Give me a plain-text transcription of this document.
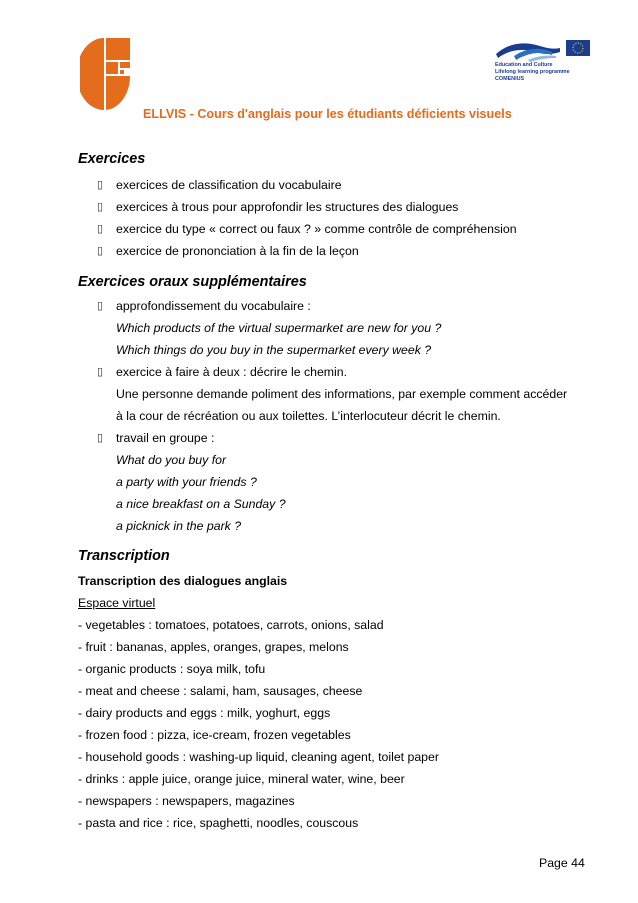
Education and Culture
Lifelong learning programme
COMENIUS
ELLVIS - Cours d'anglais pour les étudiants déficients visuels
Exercices
▯ exercices de classification du vocabulaire
▯ exercices à trous pour approfondir les structures des dialogues
▯ exercice du type « correct ou faux ? » comme contrôle de compréhension
▯ exercice de prononciation à la fin de la leçon
Exercices oraux supplémentaires
▯ approfondissement du vocabulaire :
Which products of the virtual supermarket are new for you ?
Which things do you buy in the supermarket every week ?
▯ exercice à faire à deux : décrire le chemin.
Une personne demande poliment des informations, par exemple comment accéder
à la cour de récréation ou aux toilettes. L’interlocuteur décrit le chemin.
▯ travail en groupe :
What do you buy for
a party with your friends ?
a nice breakfast on a Sunday ?
a picknick in the park ?
Transcription
Transcription des dialogues anglais
Espace virtuel
- vegetables : tomatoes, potatoes, carrots, onions, salad
- fruit : bananas, apples, oranges, grapes, melons
- organic products : soya milk, tofu
- meat and cheese : salami, ham, sausages, cheese
- dairy products and eggs : milk, yoghurt, eggs
- frozen food : pizza, ice-cream, frozen vegetables
- household goods : washing-up liquid, cleaning agent, toilet paper
- drinks : apple juice, orange juice, mineral water, wine, beer
- newspapers : newspapers, magazines
- pasta and rice : rice, spaghetti, noodles, couscous
Page 44
